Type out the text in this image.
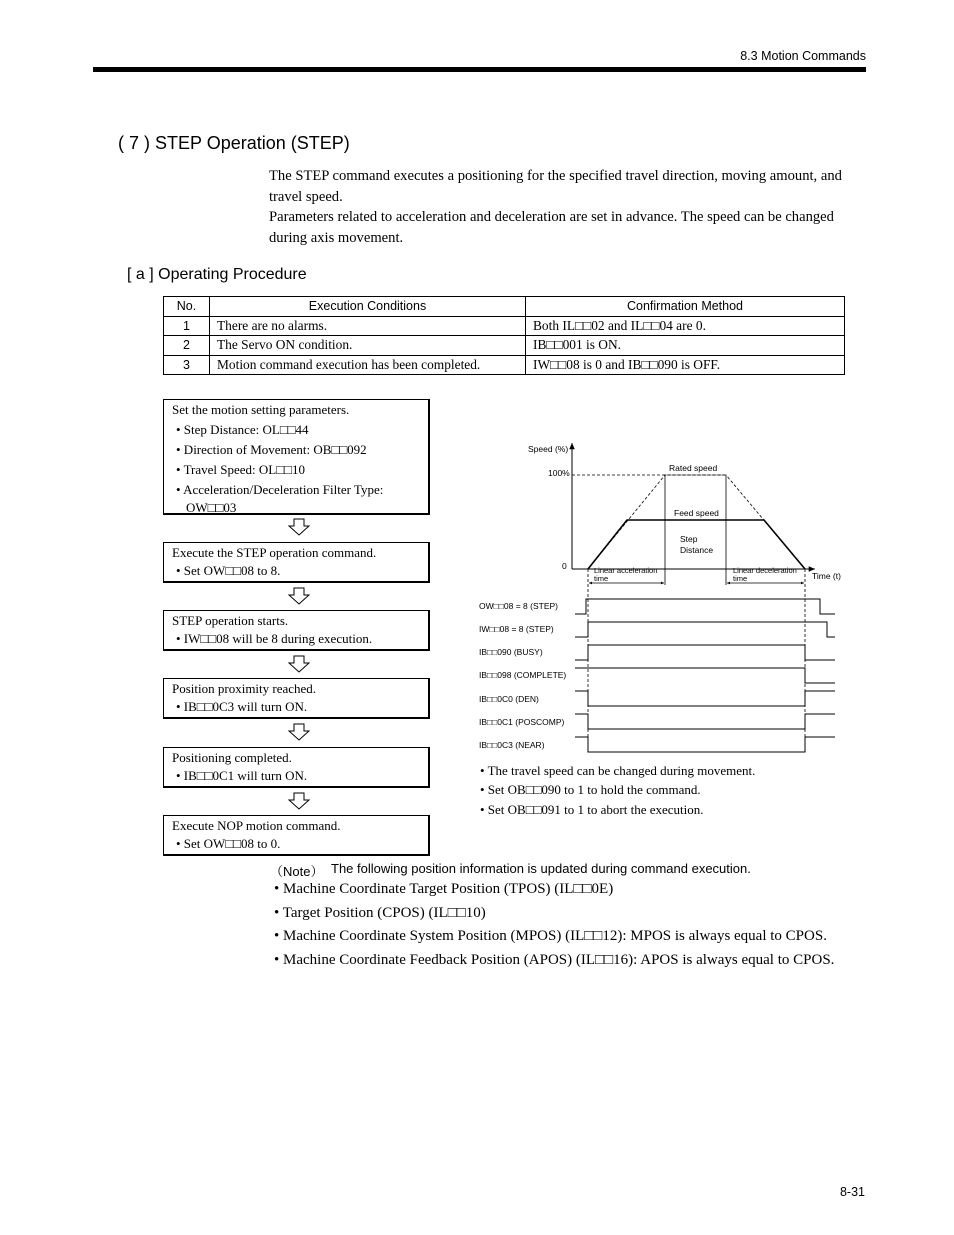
8.3 Motion Commands
( 7 ) STEP Operation (STEP)
The STEP command executes a positioning for the specified travel direction, moving amount, and travel speed.
Parameters related to acceleration and deceleration are set in advance. The speed can be changed during axis movement.
[ a ] Operating Procedure
No.	Execution Conditions	Confirmation Method
1	There are no alarms.	Both IL□□02 and IL□□04 are 0.
2	The Servo ON condition.	IB□□001 is ON.
3	Motion command execution has been completed.	IW□□08 is 0 and IB□□090 is OFF.
Set the motion setting parameters.
• Step Distance: OL□□44
• Direction of Movement: OB□□092
• Travel Speed: OL□□10
• Acceleration/Deceleration Filter Type:
OW□□03
Execute the STEP operation command.
• Set OW□□08 to 8.
STEP operation starts.
• IW□□08 will be 8 during execution.
Position proximity reached.
• IB□□0C3 will turn ON.
Positioning completed.
• IB□□0C1 will turn ON.
Execute NOP motion command.
• Set OW□□08 to 0.
Speed (%)
100%
0
Time (t)
Rated speed
Feed speed
Step
Distance
Linear acceleration
time
Linear deceleration
time
OW□□08 = 8 (STEP)
IW□□08 = 8 (STEP)
IB□□090 (BUSY)
IB□□098 (COMPLETE)
IB□□0C0 (DEN)
IB□□0C1 (POSCOMP)
IB□□0C3 (NEAR)
• The travel speed can be changed during movement.
• Set OB□□090 to 1 to hold the command.
• Set OB□□091 to 1 to abort the execution.
（Note） The following position information is updated during command execution.
• Machine Coordinate Target Position (TPOS) (IL□□0E)
• Target Position (CPOS) (IL□□10)
• Machine Coordinate System Position (MPOS) (IL□□12): MPOS is always equal to CPOS.
• Machine Coordinate Feedback Position (APOS) (IL□□16): APOS is always equal to CPOS.
8-31
